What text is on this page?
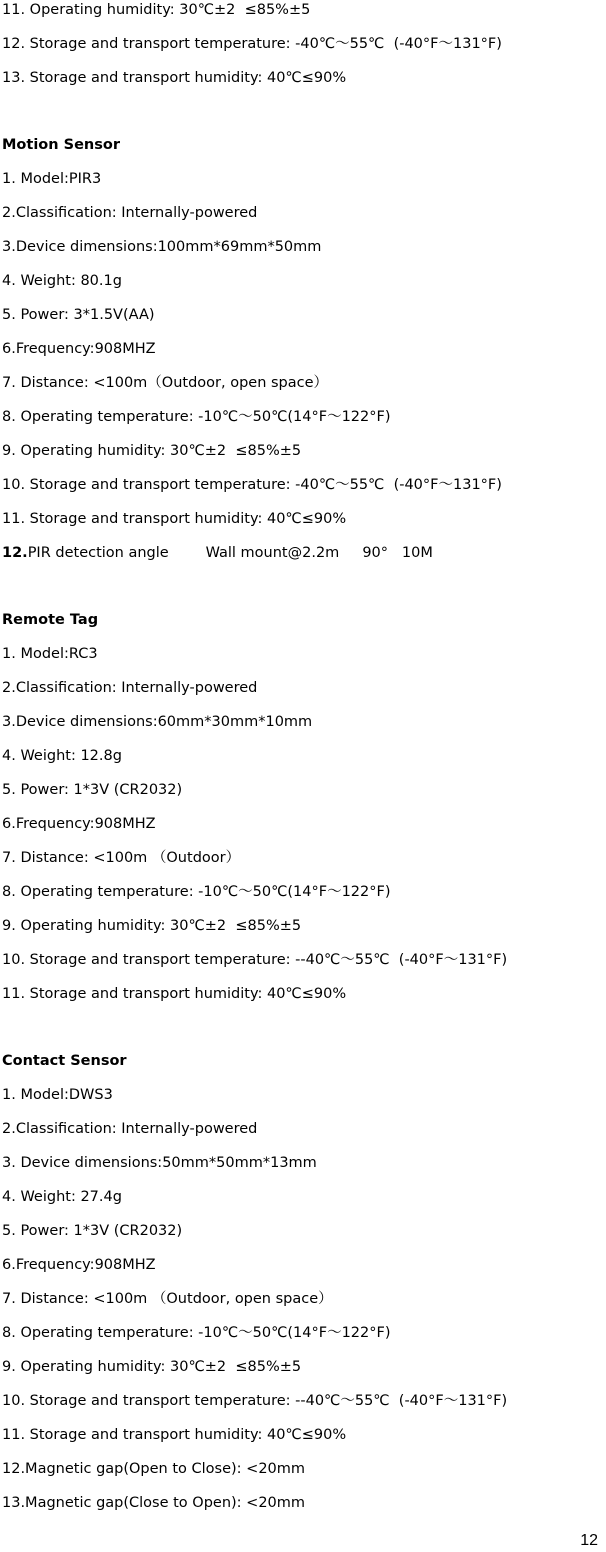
11. Operating humidity: 30℃±2  ≤85%±5
12. Storage and transport temperature: -40℃～55℃  (-40°F～131°F)
13. Storage and transport humidity: 40℃≤90%
Motion Sensor
1. Model:PIR3
2.Classification: Internally-powered
3.Device dimensions:100mm*69mm*50mm
4. Weight: 80.1g
5. Power: 3*1.5V(AA)
6.Frequency:908MHZ
7. Distance: <100m（Outdoor, open space）
8. Operating temperature: -10℃～50℃(14°F～122°F)
9. Operating humidity: 30℃±2  ≤85%±5
10. Storage and transport temperature: -40℃～55℃  (-40°F～131°F)
11. Storage and transport humidity: 40℃≤90%
12.PIR detection angle        Wall mount@2.2m     90°   10M
Remote Tag
1. Model:RC3
2.Classification: Internally-powered
3.Device dimensions:60mm*30mm*10mm
4. Weight: 12.8g
5. Power: 1*3V (CR2032)
6.Frequency:908MHZ
7. Distance: <100m （Outdoor）
8. Operating temperature: -10℃～50℃(14°F～122°F)
9. Operating humidity: 30℃±2  ≤85%±5
10. Storage and transport temperature: --40℃～55℃  (-40°F～131°F)
11. Storage and transport humidity: 40℃≤90%
Contact Sensor
1. Model:DWS3
2.Classification: Internally-powered
3. Device dimensions:50mm*50mm*13mm
4. Weight: 27.4g
5. Power: 1*3V (CR2032)
6.Frequency:908MHZ
7. Distance: <100m （Outdoor, open space）
8. Operating temperature: -10℃～50℃(14°F～122°F)
9. Operating humidity: 30℃±2  ≤85%±5
10. Storage and transport temperature: --40℃～55℃  (-40°F～131°F)
11. Storage and transport humidity: 40℃≤90%
12.Magnetic gap(Open to Close): <20mm
13.Magnetic gap(Close to Open): <20mm
12
